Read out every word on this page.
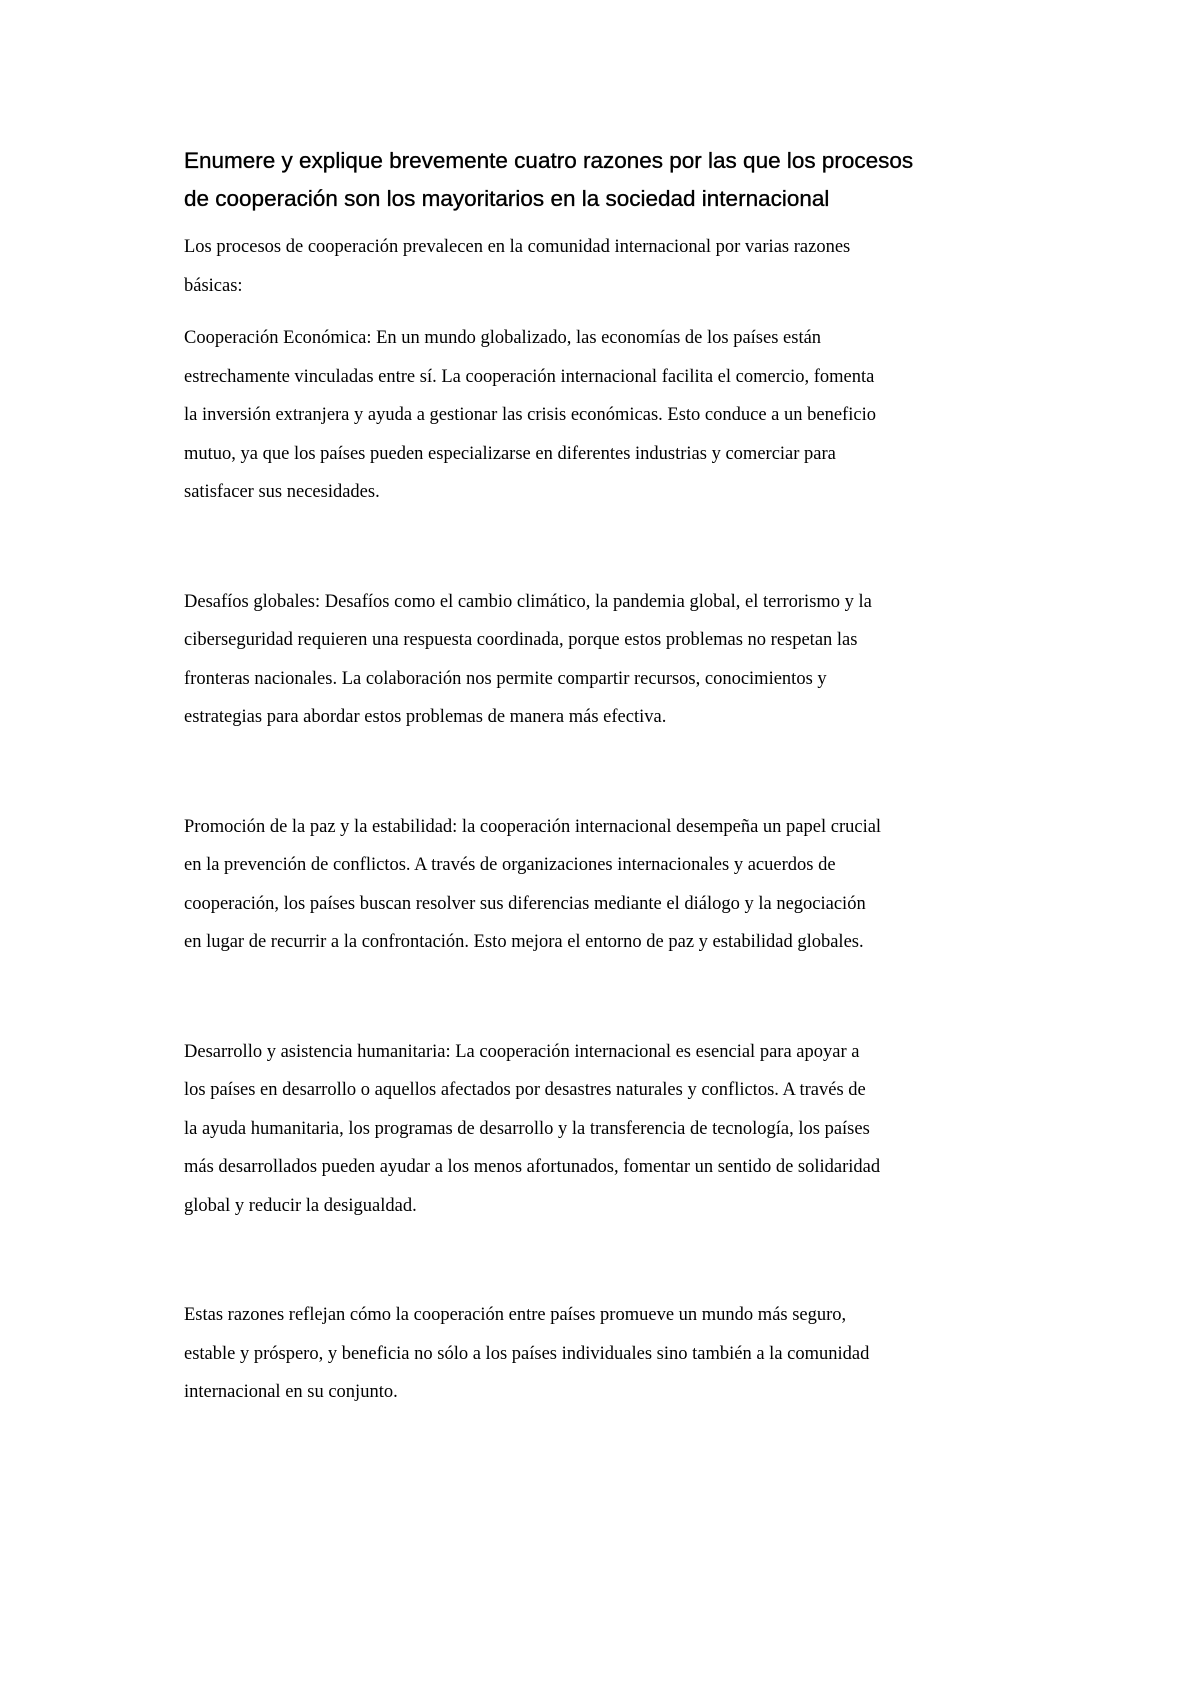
Enumere y explique brevemente cuatro razones por las que los procesos
de cooperación son los mayoritarios en la sociedad internacional

Los procesos de cooperación prevalecen en la comunidad internacional por varias razones
básicas:

Cooperación Económica: En un mundo globalizado, las economías de los países están
estrechamente vinculadas entre sí. La cooperación internacional facilita el comercio, fomenta
la inversión extranjera y ayuda a gestionar las crisis económicas. Esto conduce a un beneficio
mutuo, ya que los países pueden especializarse en diferentes industrias y comerciar para
satisfacer sus necesidades.

Desafíos globales: Desafíos como el cambio climático, la pandemia global, el terrorismo y la
ciberseguridad requieren una respuesta coordinada, porque estos problemas no respetan las
fronteras nacionales. La colaboración nos permite compartir recursos, conocimientos y
estrategias para abordar estos problemas de manera más efectiva.

Promoción de la paz y la estabilidad: la cooperación internacional desempeña un papel crucial
en la prevención de conflictos. A través de organizaciones internacionales y acuerdos de
cooperación, los países buscan resolver sus diferencias mediante el diálogo y la negociación
en lugar de recurrir a la confrontación. Esto mejora el entorno de paz y estabilidad globales.

Desarrollo y asistencia humanitaria: La cooperación internacional es esencial para apoyar a
los países en desarrollo o aquellos afectados por desastres naturales y conflictos. A través de
la ayuda humanitaria, los programas de desarrollo y la transferencia de tecnología, los países
más desarrollados pueden ayudar a los menos afortunados, fomentar un sentido de solidaridad
global y reducir la desigualdad.

Estas razones reflejan cómo la cooperación entre países promueve un mundo más seguro,
estable y próspero, y beneficia no sólo a los países individuales sino también a la comunidad
internacional en su conjunto.
